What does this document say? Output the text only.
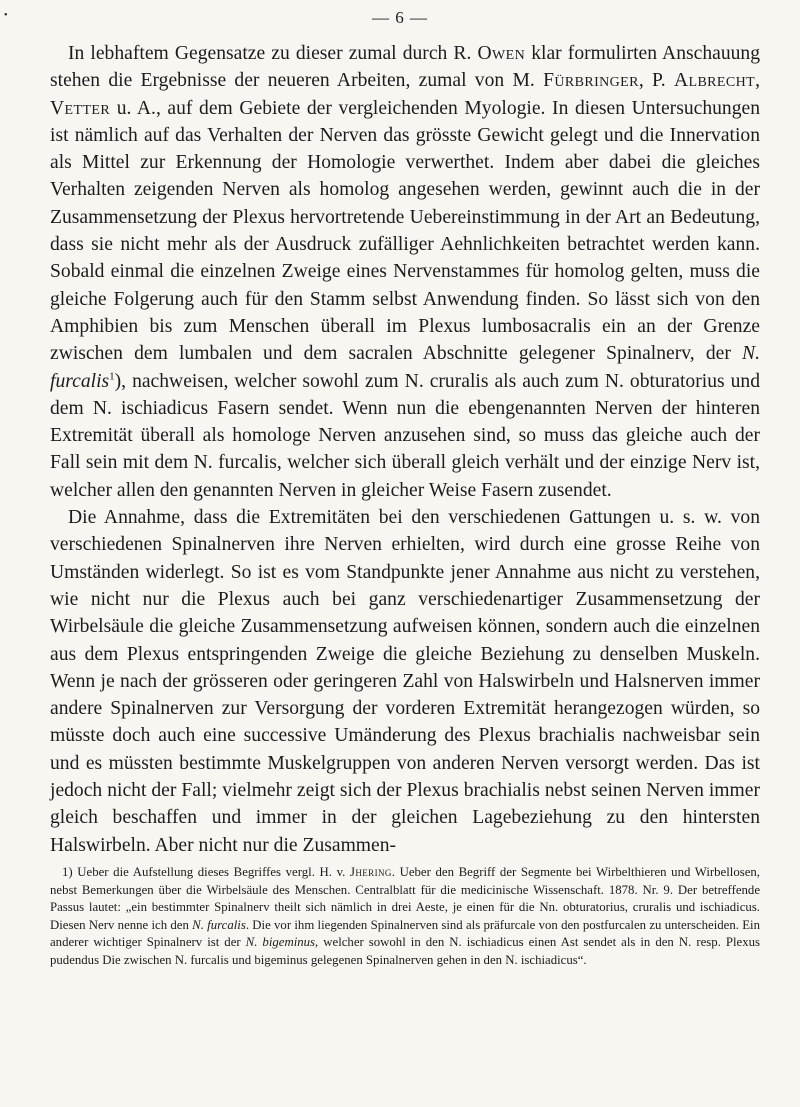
•	— 6 —

In lebhaftem Gegensatze zu dieser zumal durch R. Owen klar formulirten Anschauung stehen die Ergebnisse der neueren Arbeiten, zumal von M. Fürbringer, P. Albrecht, Vetter u. A., auf dem Gebiete der vergleichenden Myologie. In diesen Untersuchungen ist nämlich auf das Verhalten der Nerven das grösste Gewicht gelegt und die Innervation als Mittel zur Erkennung der Homologie verwerthet. Indem aber dabei die gleiches Verhalten zeigenden Nerven als homolog angesehen werden, gewinnt auch die in der Zusammensetzung der Plexus hervortretende Uebereinstimmung in der Art an Bedeutung, dass sie nicht mehr als der Ausdruck zufälliger Aehnlichkeiten betrachtet werden kann. Sobald einmal die einzelnen Zweige eines Nervenstammes für homolog gelten, muss die gleiche Folgerung auch für den Stamm selbst Anwendung finden. So lässt sich von den Amphibien bis zum Menschen überall im Plexus lumbosacralis ein an der Grenze zwischen dem lumbalen und dem sacralen Abschnitte gelegener Spinalnerv, der N. furcalis$^1$), nachweisen, welcher sowohl zum N. cruralis als auch zum N. obturatorius und dem N. ischiadicus Fasern sendet. Wenn nun die ebengenannten Nerven der hinteren Extremität überall als homologe Nerven anzusehen sind, so muss das gleiche auch der Fall sein mit dem N. furcalis, welcher sich überall gleich verhält und der einzige Nerv ist, welcher allen den genannten Nerven in gleicher Weise Fasern zusendet.

Die Annahme, dass die Extremitäten bei den verschiedenen Gattungen u. s. w. von verschiedenen Spinalnerven ihre Nerven erhielten, wird durch eine grosse Reihe von Umständen widerlegt. So ist es vom Standpunkte jener Annahme aus nicht zu verstehen, wie nicht nur die Plexus auch bei ganz verschiedenartiger Zusammensetzung der Wirbelsäule die gleiche Zusammensetzung aufweisen können, sondern auch die einzelnen aus dem Plexus entspringenden Zweige die gleiche Beziehung zu denselben Muskeln. Wenn je nach der grösseren oder geringeren Zahl von Halswirbeln und Halsnerven immer andere Spinalnerven zur Versorgung der vorderen Extremität herangezogen würden, so müsste doch auch eine successive Umänderung des Plexus brachialis nachweisbar sein und es müssten bestimmte Muskelgruppen von anderen Nerven versorgt werden. Das ist jedoch nicht der Fall; vielmehr zeigt sich der Plexus brachialis nebst seinen Nerven immer gleich beschaffen und immer in der gleichen Lagebeziehung zu den hintersten Halswirbeln. Aber nicht nur die Zusammen-

1) Ueber die Aufstellung dieses Begriffes vergl. H. v. Jhering. Ueber den Begriff der Segmente bei Wirbelthieren und Wirbellosen, nebst Bemerkungen über die Wirbelsäule des Menschen. Centralblatt für die medicinische Wissenschaft. 1878. Nr. 9. Der betreffende Passus lautet: „ein bestimmter Spinalnerv theilt sich nämlich in drei Aeste, je einen für die Nn. obturatorius, cruralis und ischiadicus. Diesen Nerv nenne ich den N. furcalis. Die vor ihm liegenden Spinalnerven sind als präfurcale von den postfurcalen zu unterscheiden. Ein anderer wichtiger Spinalnerv ist der N. bigeminus, welcher sowohl in den N. ischiadicus einen Ast sendet als in den N. resp. Plexus pudendus Die zwischen N. furcalis und bigeminus gelegenen Spinalnerven gehen in den N. ischiadicus“.
